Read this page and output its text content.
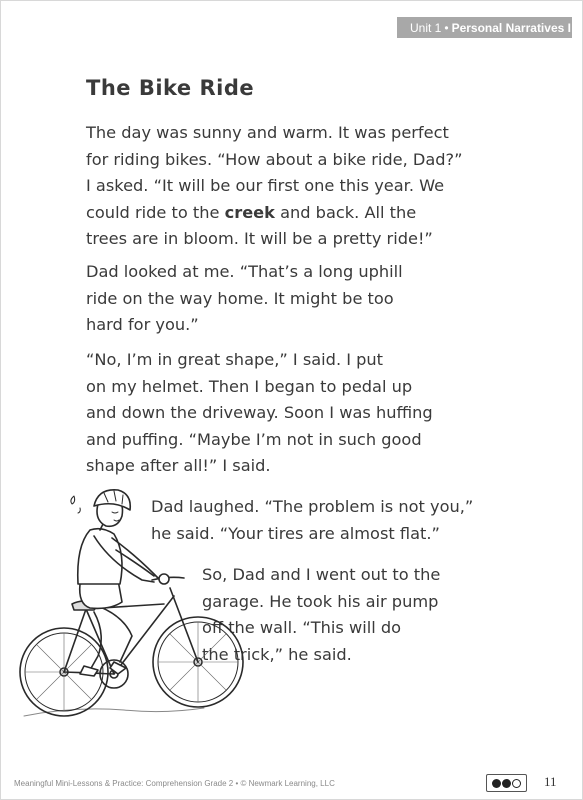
Unit 1 • Personal Narratives I
The Bike Ride
The day was sunny and warm. It was perfect
for riding bikes. “How about a bike ride, Dad?”
I asked. “It will be our first one this year. We
could ride to the creek and back. All the
trees are in bloom. It will be a pretty ride!”
Dad looked at me. “That’s a long uphill
ride on the way home. It might be too
hard for you.”
“No, I’m in great shape,” I said. I put
on my helmet. Then I began to pedal up
and down the driveway. Soon I was huffing
and puffing. “Maybe I’m not in such good
shape after all!” I said.
Dad laughed. “The problem is not you,”
he said. “Your tires are almost flat.”
So, Dad and I went out to the
garage. He took his air pump
off the wall. “This will do
the trick,” he said.
Meaningful Mini-Lessons & Practice: Comprehension Grade 2 • © Newmark Learning, LLC	11
